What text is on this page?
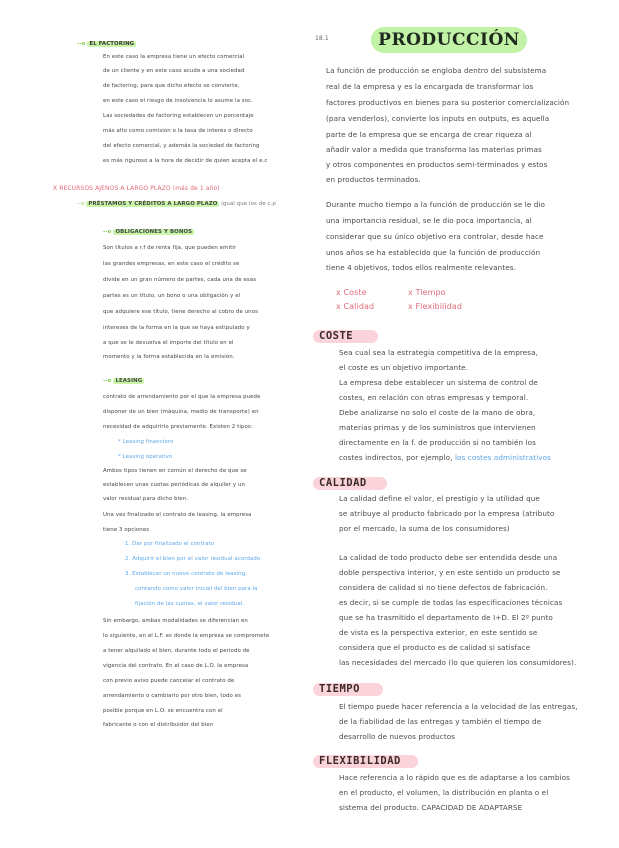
--o EL FACTORING
En este caso la empresa tiene un efecto comercial
de un cliente y en este caso acude a una sociedad
de factoring, para que dicho efecto se convierte,
en este caso el riesgo de insolvencia lo asume la soc.
Las sociedades de factoring establecen un porcentaje
más alto como comisión o la tasa de interés o directo
del efecto comercial, y además la sociedad de factoring
es más riguroso a la hora de decidir de quien acepta el e.c
X RECURSOS AJENOS A LARGO PLAZO (más de 1 año)
--o PRÉSTAMOS Y CRÉDITOS A LARGO PLAZO igual que los de c.p
--o OBLIGACIONES Y BONOS
Son títulos a r.f de renta fija, que pueden emitir
las grandes empresas, en este caso el crédito se
divide en un gran número de partes, cada una de esas
partes es un título, un bono o una obligación y el
que adquiere ese título, tiene derecho al cobro de unos
intereses de la forma en la que se haya estipulado y
a que se le devuelva el importe del título en el
momento y la forma establecida en la emisión.
--o LEASING
contrato de arrendamiento por el que la empresa puede
disponer de un bien (máquina, medio de transporte) en
necesidad de adquirirlo previamente. Existen 2 tipos:
* Leasing financiero
* Leasing operativo
Ambos tipos tienen en común el derecho de que se
establecen unas cuotas periódicas de alquiler y un
valor residual para dicho bien.
Una vez finalizado el contrato de leasing, la empresa
tiene 3 opciones
1. Dar por finalizado el contrato
2. Adquirir el bien por el valor residual acordado
3. Establecer un nuevo contrato de leasing,
contando como valor inicial del bien para la
fijación de las cuotas, el valor residual.
Sin embargo, ambas modalidades se diferencian en
lo siguiente, en el L.F. es donde la empresa se compromete
a tener alquilado el bien, durante todo el periodo de
vigencia del contrato. En el caso de L.O. la empresa
con previo aviso puede cancelar el contrato de
arrendamiento o cambiarlo por otro bien, todo es
posible porque en L.O. se encuentra con el
fabricante o con el distribuidor del bien
18.1	PRODUCCIÓN
La función de producción se engloba dentro del subsistema
real de la empresa y es la encargada de transformar los
factores productivos en bienes para su posterior comercialización
(para venderlos), convierte los inputs en outputs, es aquella
parte de la empresa que se encarga de crear riqueza al
añadir valor a medida que transforma las materias primas
y otros componentes en productos semi-terminados y estos
en productos terminados.
Durante mucho tiempo a la función de producción se le dio
una importancia residual, se le dio poca importancia, al
considerar que su único objetivo era controlar, desde hace
unos años se ha establecido que la función de producción
tiene 4 objetivos, todos ellos realmente relevantes.
x Coste	x Tiempo
x Calidad	x Flexibilidad
COSTE
Sea cual sea la estrategia competitiva de la empresa,
el coste es un objetivo importante.
La empresa debe establecer un sistema de control de
costes, en relación con otras empresas y temporal.
Debe analizarse no solo el coste de la mano de obra,
materias primas y de los suministros que intervienen
directamente en la f. de producción si no también los
costes indirectos, por ejemplo, los costes administrativos
CALIDAD
La calidad define el valor, el prestigio y la utilidad que
se atribuye al producto fabricado por la empresa (atributo
por el mercado, la suma de los consumidores)
La calidad de todo producto debe ser entendida desde una
doble perspectiva interior, y en este sentido un producto se
considera de calidad si no tiene defectos de fabricación.
es decir, si se cumple de todas las especificaciones técnicas
que se ha trasmitido el departamento de I+D. El 2º punto
de vista es la perspectiva exterior, en este sentido se
considera que el producto es de calidad si satisface
las necesidades del mercado (lo que quieren los consumidores).
TIEMPO
El tiempo puede hacer referencia a la velocidad de las entregas,
de la fiabilidad de las entregas y también el tiempo de
desarrollo de nuevos productos
FLEXIBILIDAD
Hace referencia a lo rápido que es de adaptarse a los cambios
en el producto, el volumen, la distribución en planta o el
sistema del producto. CAPACIDAD DE ADAPTARSE
